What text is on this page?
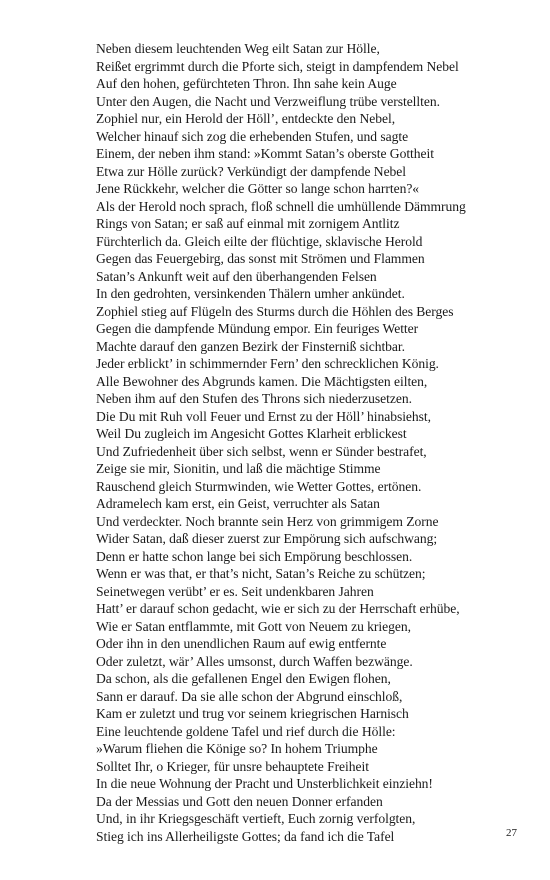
Neben diesem leuchtenden Weg eilt Satan zur Hölle,
Reißet ergrimmt durch die Pforte sich, steigt in dampfendem Nebel
Auf den hohen, gefürchteten Thron. Ihn sahe kein Auge
Unter den Augen, die Nacht und Verzweiflung trübe verstellten.
Zophiel nur, ein Herold der Höll’, entdeckte den Nebel,
Welcher hinauf sich zog die erhebenden Stufen, und sagte
Einem, der neben ihm stand: »Kommt Satan’s oberste Gottheit
Etwa zur Hölle zurück? Verkündigt der dampfende Nebel
Jene Rückkehr, welcher die Götter so lange schon harrten?«
Als der Herold noch sprach, floß schnell die umhüllende Dämmrung
Rings von Satan; er saß auf einmal mit zornigem Antlitz
Fürchterlich da. Gleich eilte der flüchtige, sklavische Herold
Gegen das Feuergebirg, das sonst mit Strömen und Flammen
Satan’s Ankunft weit auf den überhangenden Felsen
In den gedrohten, versinkenden Thälern umher ankündet.
Zophiel stieg auf Flügeln des Sturms durch die Höhlen des Berges
Gegen die dampfende Mündung empor. Ein feuriges Wetter
Machte darauf den ganzen Bezirk der Finsterniß sichtbar.
Jeder erblickt’ in schimmernder Fern’ den schrecklichen König.
Alle Bewohner des Abgrunds kamen. Die Mächtigsten eilten,
Neben ihm auf den Stufen des Throns sich niederzusetzen.
Die Du mit Ruh voll Feuer und Ernst zu der Höll’ hinabsiehst,
Weil Du zugleich im Angesicht Gottes Klarheit erblickest
Und Zufriedenheit über sich selbst, wenn er Sünder bestrafet,
Zeige sie mir, Sionitin, und laß die mächtige Stimme
Rauschend gleich Sturmwinden, wie Wetter Gottes, ertönen.
Adramelech kam erst, ein Geist, verruchter als Satan
Und verdeckter. Noch brannte sein Herz von grimmigem Zorne
Wider Satan, daß dieser zuerst zur Empörung sich aufschwang;
Denn er hatte schon lange bei sich Empörung beschlossen.
Wenn er was that, er that’s nicht, Satan’s Reiche zu schützen;
Seinetwegen verübt’ er es. Seit undenkbaren Jahren
Hatt’ er darauf schon gedacht, wie er sich zu der Herrschaft erhübe,
Wie er Satan entflammte, mit Gott von Neuem zu kriegen,
Oder ihn in den unendlichen Raum auf ewig entfernte
Oder zuletzt, wär’ Alles umsonst, durch Waffen bezwänge.
Da schon, als die gefallenen Engel den Ewigen flohen,
Sann er darauf. Da sie alle schon der Abgrund einschloß,
Kam er zuletzt und trug vor seinem kriegrischen Harnisch
Eine leuchtende goldene Tafel und rief durch die Hölle:
»Warum fliehen die Könige so? In hohem Triumphe
Solltet Ihr, o Krieger, für unsre behauptete Freiheit
In die neue Wohnung der Pracht und Unsterblichkeit einziehn!
Da der Messias und Gott den neuen Donner erfanden
Und, in ihr Kriegsgeschäft vertieft, Euch zornig verfolgten,
Stieg ich ins Allerheiligste Gottes; da fand ich die Tafel	27
